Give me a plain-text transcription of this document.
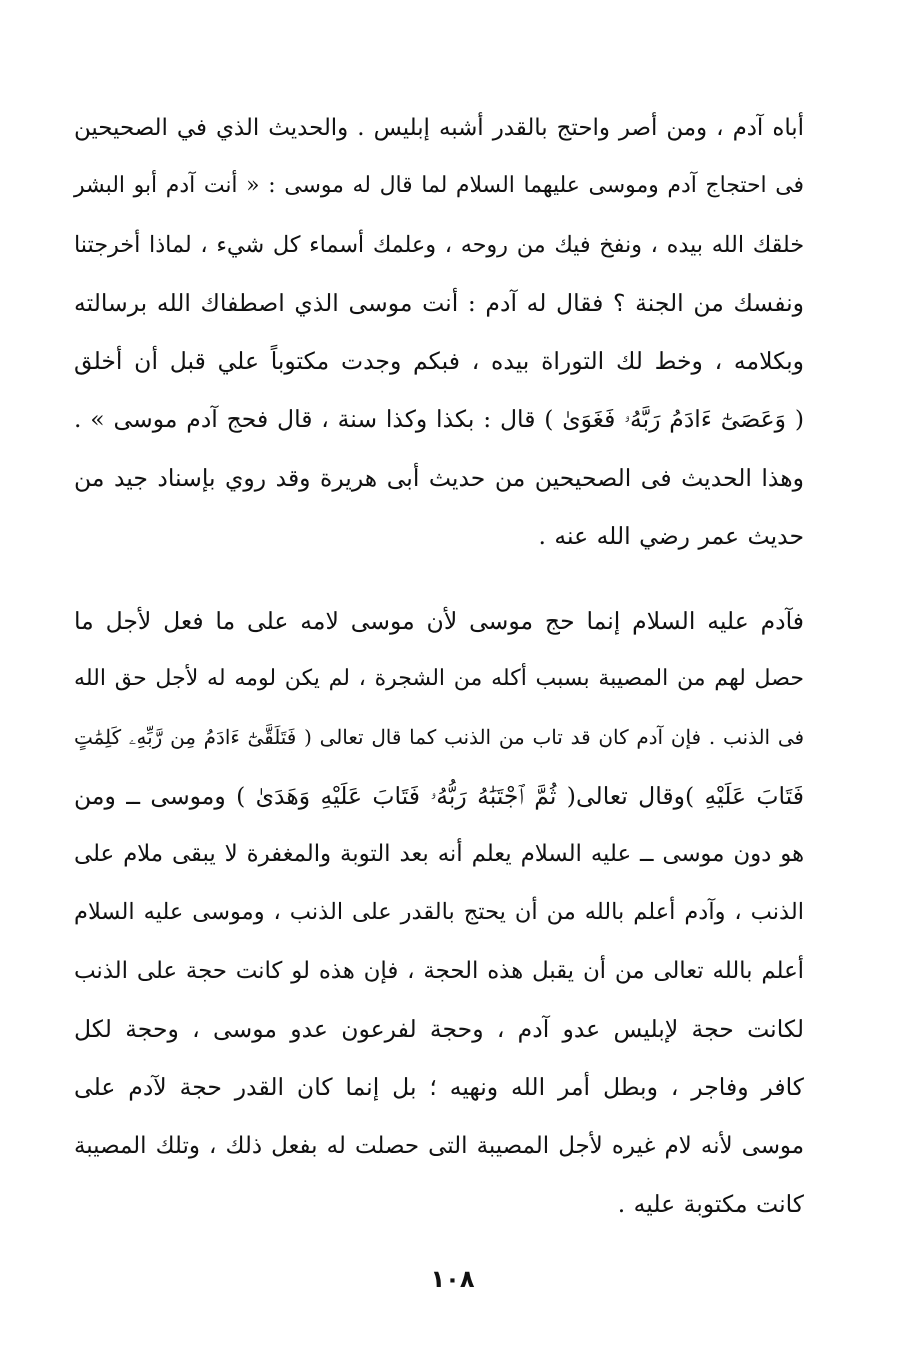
أباه آدم ، ومن أصر واحتج بالقدر أشبه إبليس . والحديث الذي في الصحيحين
فى احتجاج آدم وموسى عليهما السلام لما قال له موسى : « أنت آدم أبو البشر
خلقك الله بيده ، ونفخ فيك من روحه ، وعلمك أسماء كل شيء ، لماذا أخرجتنا
ونفسك من الجنة ؟ فقال له آدم : أنت موسى الذي اصطفاك الله برسالته
وبكلامه ، وخط لك التوراة بيده ، فبكم وجدت مكتوباً علي قبل أن أخلق
( وَعَصَىٰٓ ءَادَمُ رَبَّهُۥ فَغَوَىٰ ) قال : بكذا وكذا سنة ، قال فحج آدم موسى » .
وهذا الحديث فى الصحيحين من حديث أبى هريرة وقد روي بإسناد جيد من
حديث عمر رضي الله عنه .
فآدم عليه السلام إنما حج موسى لأن موسى لامه على ما فعل لأجل ما
حصل لهم من المصيبة بسبب أكله من الشجرة ، لم يكن لومه له لأجل حق الله
فى الذنب . فإن آدم كان قد تاب من الذنب كما قال تعالى ( فَتَلَقَّىٰٓ ءَادَمُ مِن رَّبِّهِۦ كَلِمَٰتٍ
فَتَابَ عَلَيْهِ )وقال تعالى( ثُمَّ ٱجْتَبَٰهُ رَبُّهُۥ فَتَابَ عَلَيْهِ وَهَدَىٰ ) وموسى ــ ومن
هو دون موسى ــ عليه السلام يعلم أنه بعد التوبة والمغفرة لا يبقى ملام على
الذنب ، وآدم أعلم بالله من أن يحتج بالقدر على الذنب ، وموسى عليه السلام
أعلم بالله تعالى من أن يقبل هذه الحجة ، فإن هذه لو كانت حجة على الذنب
لكانت حجة لإبليس عدو آدم ، وحجة لفرعون عدو موسى ، وحجة لكل
كافر وفاجر ، وبطل أمر الله ونهيه ؛ بل إنما كان القدر حجة لآدم على
موسى لأنه لام غيره لأجل المصيبة التى حصلت له بفعل ذلك ، وتلك المصيبة
كانت مكتوبة عليه .
١٠٨
